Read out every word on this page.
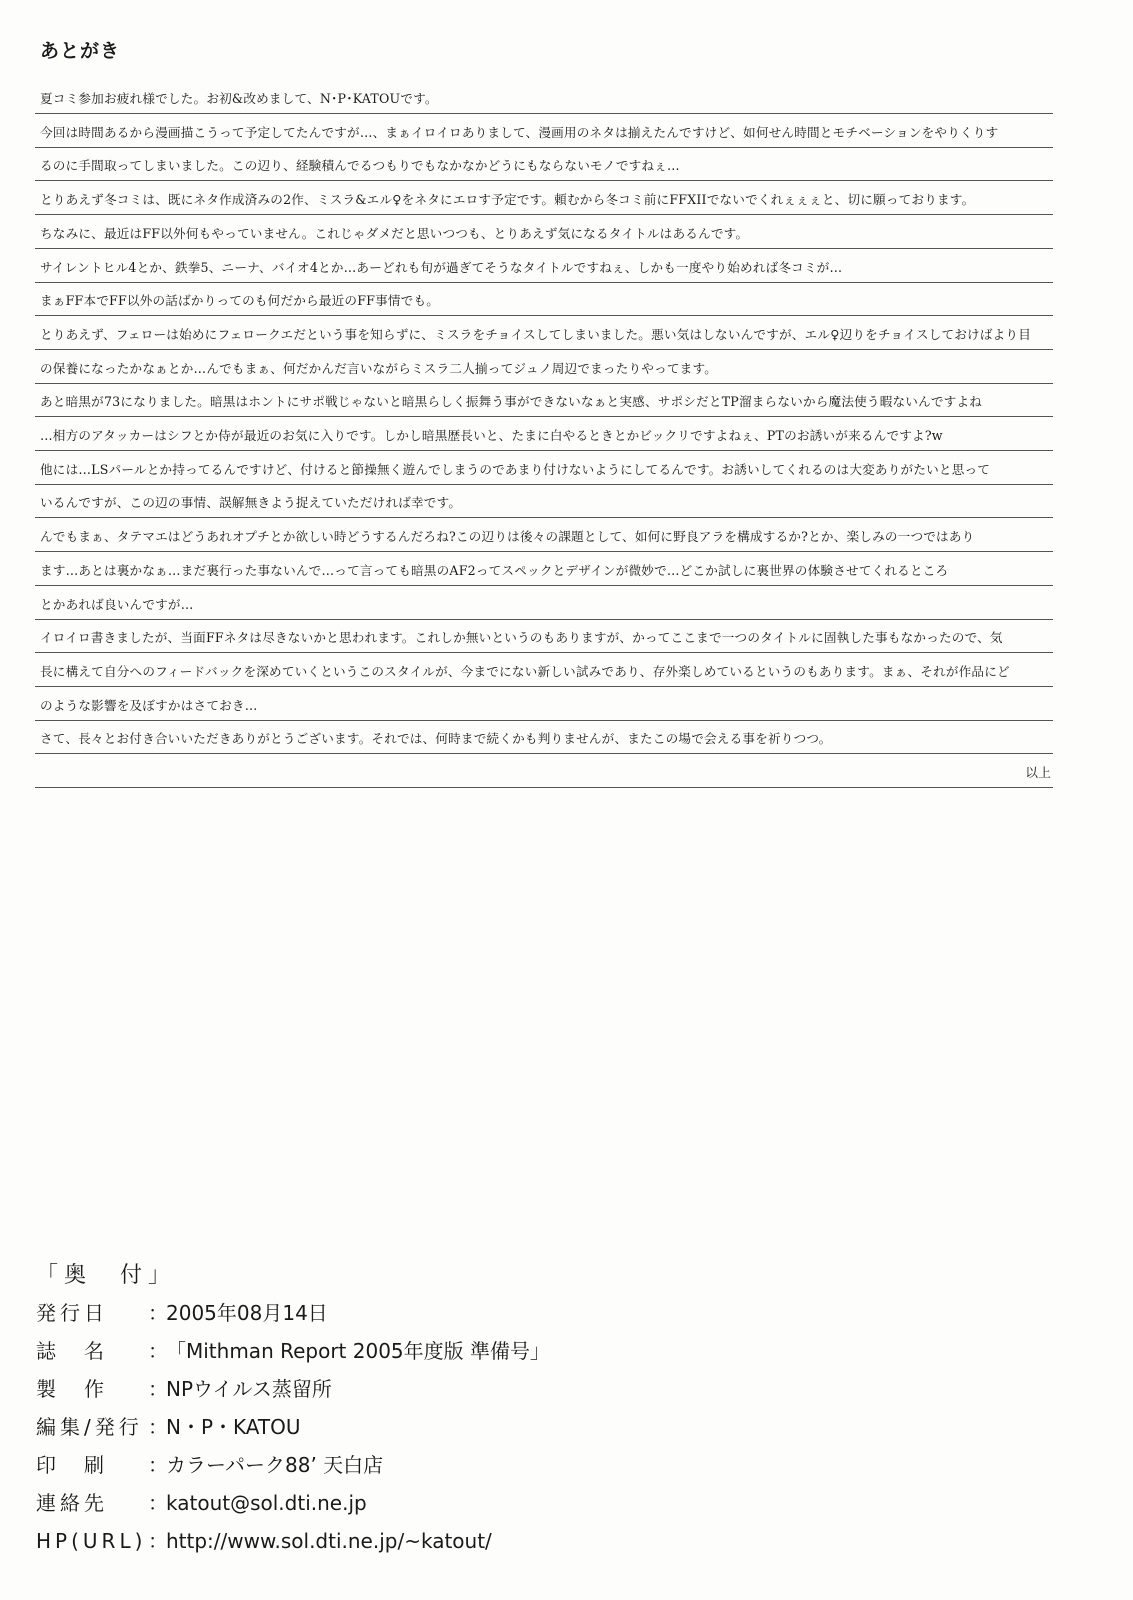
あとがき
夏コミ参加お疲れ様でした。お初&改めまして、N･P･KATOUです。
今回は時間あるから漫画描こうって予定してたんですが…、まぁイロイロありまして、漫画用のネタは揃えたんですけど、如何せん時間とモチベーションをやりくりす
るのに手間取ってしまいました。この辺り、経験積んでるつもりでもなかなかどうにもならないモノですねぇ…
とりあえず冬コミは、既にネタ作成済みの2作、ミスラ&エル♀をネタにエロす予定です。頼むから冬コミ前にFFXIIでないでくれぇぇぇと、切に願っております。
ちなみに、最近はFF以外何もやっていません。これじゃダメだと思いつつも、とりあえず気になるタイトルはあるんです。
サイレントヒル4とか、鉄拳5、ニーナ、バイオ4とか…あーどれも旬が過ぎてそうなタイトルですねぇ、しかも一度やり始めれば冬コミが…
まぁFF本でFF以外の話ばかりってのも何だから最近のFF事情でも。
とりあえず、フェローは始めにフェロークエだという事を知らずに、ミスラをチョイスしてしまいました。悪い気はしないんですが、エル♀辺りをチョイスしておけばより目
の保養になったかなぁとか…んでもまぁ、何だかんだ言いながらミスラ二人揃ってジュノ周辺でまったりやってます。
あと暗黒が73になりました。暗黒はホントにサポ戦じゃないと暗黒らしく振舞う事ができないなぁと実感、サポシだとTP溜まらないから魔法使う暇ないんですよね
…相方のアタッカーはシフとか侍が最近のお気に入りです。しかし暗黒歴長いと、たまに白やるときとかビックリですよねぇ、PTのお誘いが来るんですよ?w
他には…LSパールとか持ってるんですけど、付けると節操無く遊んでしまうのであまり付けないようにしてるんです。お誘いしてくれるのは大変ありがたいと思って
いるんですが、この辺の事情、誤解無きよう捉えていただければ幸です。
んでもまぁ、タテマエはどうあれオプチとか欲しい時どうするんだろね?この辺りは後々の課題として、如何に野良アラを構成するか?とか、楽しみの一つではあり
ます…あとは裏かなぁ…まだ裏行った事ないんで…って言っても暗黒のAF2ってスペックとデザインが微妙で…どこか試しに裏世界の体験させてくれるところ
とかあれば良いんですが…
イロイロ書きましたが、当面FFネタは尽きないかと思われます。これしか無いというのもありますが、かってここまで一つのタイトルに固執した事もなかったので、気
長に構えて自分へのフィードバックを深めていくというこのスタイルが、今までにない新しい試みであり、存外楽しめているというのもあります。まぁ、それが作品にど
のような影響を及ぼすかはさておき…
さて、長々とお付き合いいただきありがとうございます。それでは、何時まで続くかも判りませんが、またこの場で会える事を祈りつつ。
以上
「奥　付」
発行日 ：2005年08月14日
誌　名 ：「Mithman Report 2005年度版 準備号」
製　作 ：NPウイルス蒸留所
編集/発行 ：N・P・KATOU
印　刷 ：カラーパーク88’ 天白店
連絡先 ：katout@sol.dti.ne.jp
HP(URL)：http://www.sol.dti.ne.jp/~katout/
